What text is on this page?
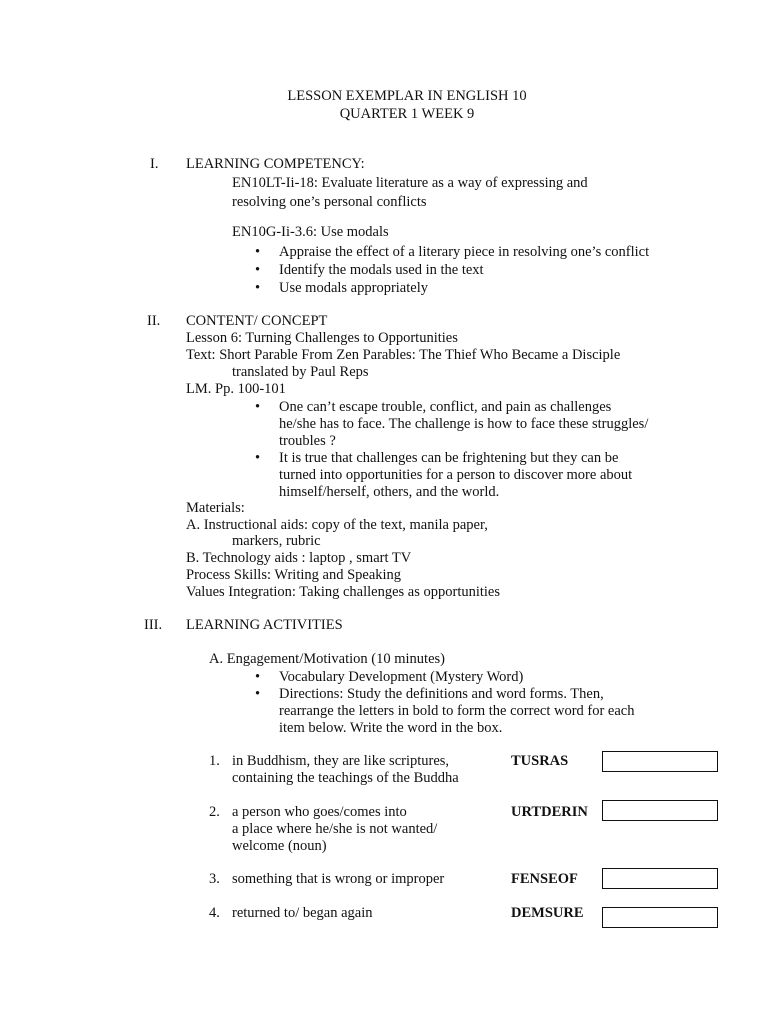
LESSON EXEMPLAR IN ENGLISH 10
QUARTER 1 WEEK 9
I. LEARNING COMPETENCY:
EN10LT-Ii-18: Evaluate literature as a way of expressing and
resolving one’s personal conflicts
EN10G-Ii-3.6: Use modals
• Appraise the effect of a literary piece in resolving one’s conflict
• Identify the modals used in the text
• Use modals appropriately
II. CONTENT/ CONCEPT
Lesson 6: Turning Challenges to Opportunities
Text: Short Parable From Zen Parables: The Thief Who Became a Disciple
translated by Paul Reps
LM. Pp. 100-101
• One can’t escape trouble, conflict, and pain as challenges
he/she has to face. The challenge is how to face these struggles/
troubles ?
• It is true that challenges can be frightening but they can be
turned into opportunities for a person to discover more about
himself/herself, others, and the world.
Materials:
A. Instructional aids: copy of the text, manila paper,
markers, rubric
B. Technology aids : laptop , smart TV
Process Skills: Writing and Speaking
Values Integration: Taking challenges as opportunities
III. LEARNING ACTIVITIES
A. Engagement/Motivation (10 minutes)
• Vocabulary Development (Mystery Word)
• Directions: Study the definitions and word forms. Then,
rearrange the letters in bold to form the correct word for each
item below. Write the word in the box.
1. in Buddhism, they are like scriptures,
containing the teachings of the Buddha
TUSRAS
2. a person who goes/comes into
a place where he/she is not wanted/
welcome (noun)
URTDERIN
3. something that is wrong or improper	FENSEOF
4. returned to/ began again	DEMSURE
